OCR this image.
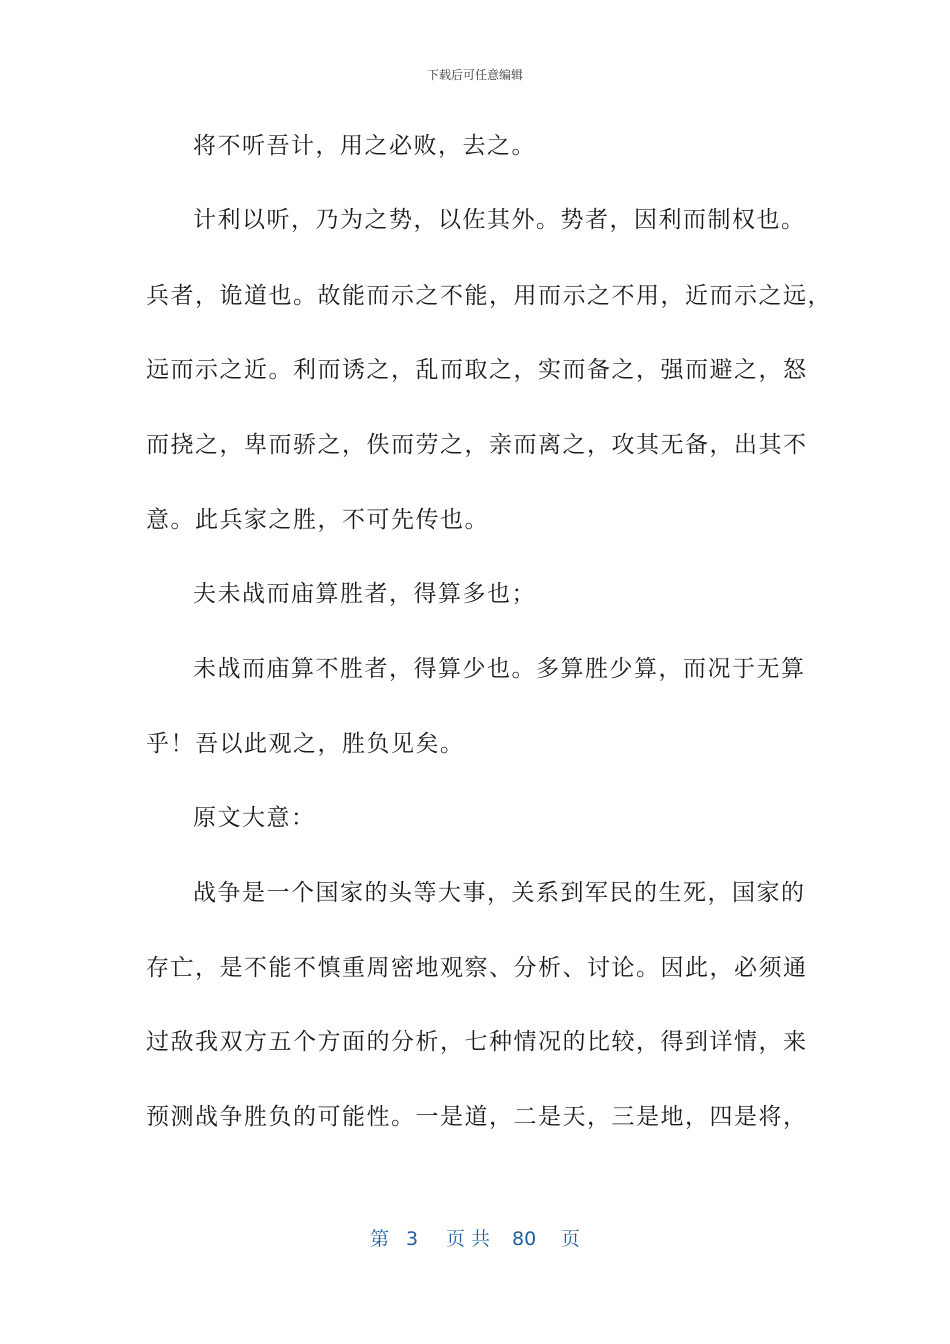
下载后可任意编辑
将不听吾计，用之必败，去之。
计利以听，乃为之势，以佐其外。势者，因利而制权也。
兵者，诡道也。故能而示之不能，用而示之不用，近而示之远，
远而示之近。利而诱之，乱而取之，实而备之，强而避之，怒
而挠之，卑而骄之，佚而劳之，亲而离之，攻其无备，出其不
意。此兵家之胜，不可先传也。
夫未战而庙算胜者，得算多也；
未战而庙算不胜者，得算少也。多算胜少算，而况于无算
乎！吾以此观之，胜负见矣。
原文大意：
战争是一个国家的头等大事，关系到军民的生死，国家的
存亡，是不能不慎重周密地观察、分析、讨论。因此，必须通
过敌我双方五个方面的分析，七种情况的比较，得到详情，来
预测战争胜负的可能性。一是道，二是天，三是地，四是将，
第 3 页 共 80 页
